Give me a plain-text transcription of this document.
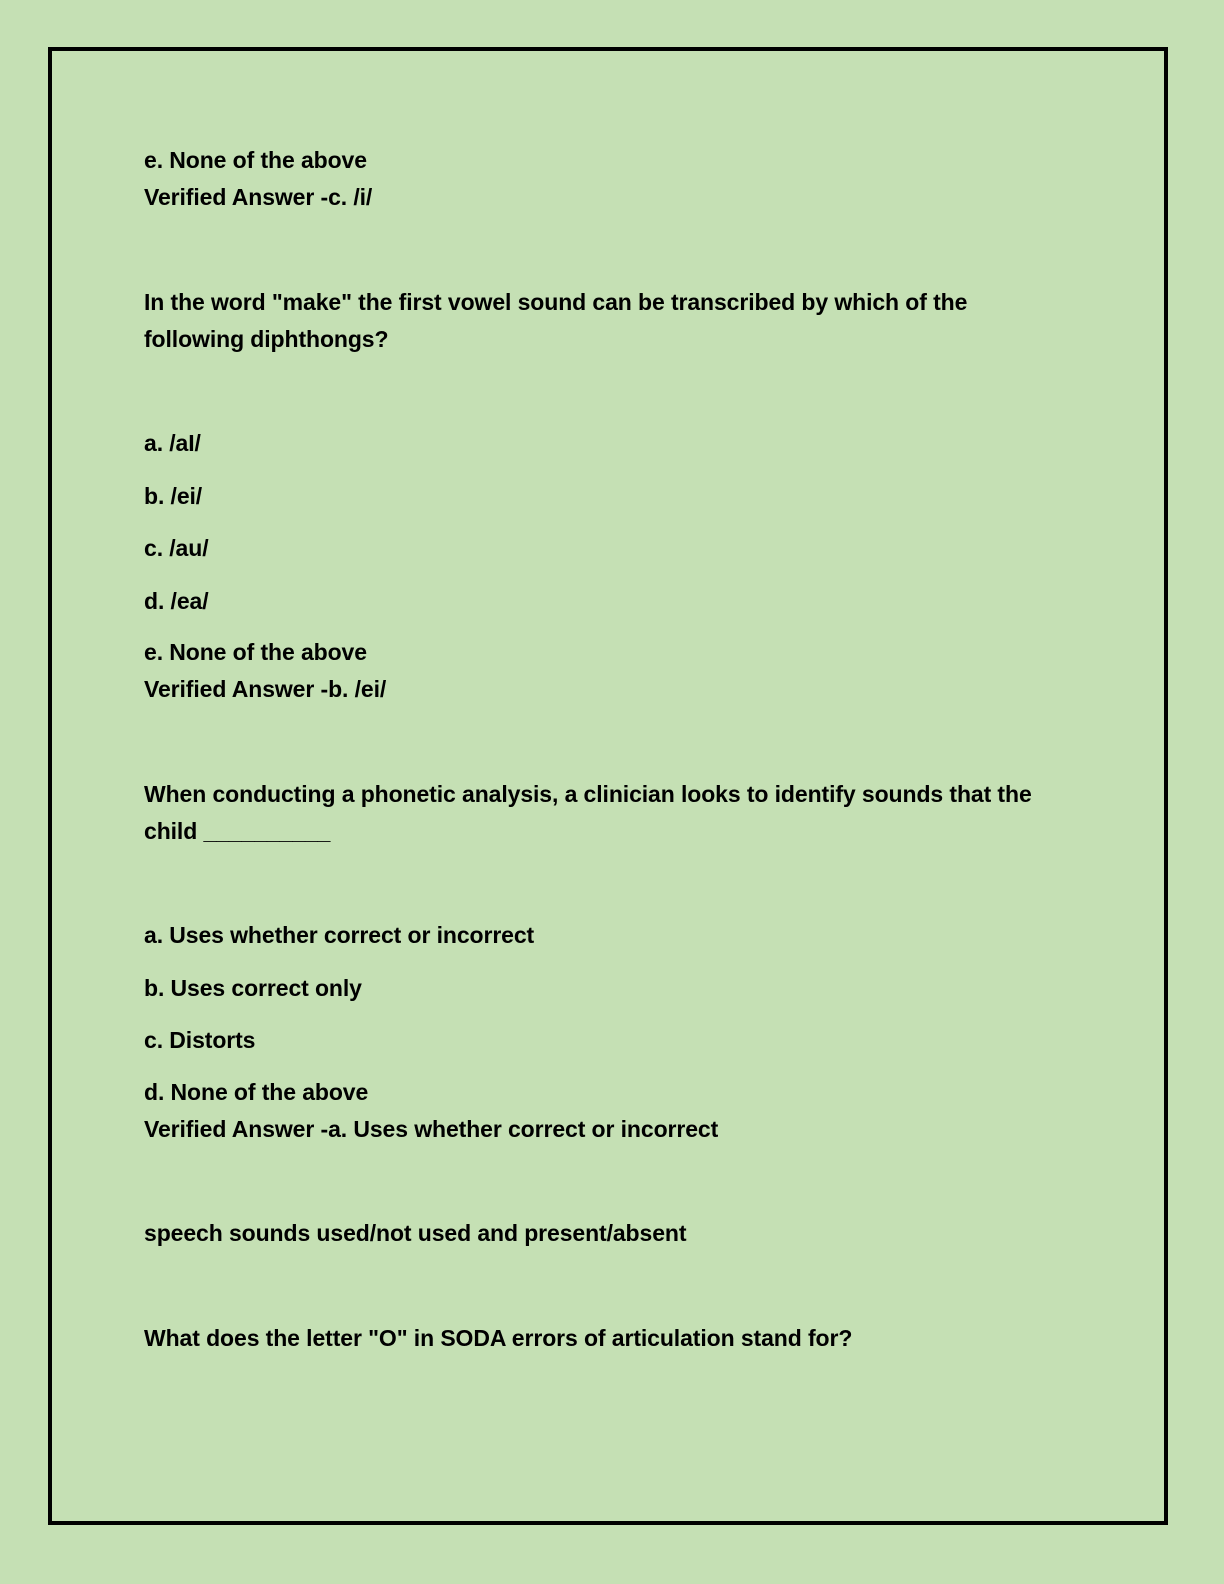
e. None of the above
Verified Answer -c. /i/
In the word "make" the first vowel sound can be transcribed by which of the
following diphthongs?
a. /aI/
b. /ei/
c. /au/
d. /ea/
e. None of the above
Verified Answer -b. /ei/
When conducting a phonetic analysis, a clinician looks to identify sounds that the
child __________
a. Uses whether correct or incorrect
b. Uses correct only
c. Distorts
d. None of the above
Verified Answer -a. Uses whether correct or incorrect
speech sounds used/not used and present/absent
What does the letter "O" in SODA errors of articulation stand for?
